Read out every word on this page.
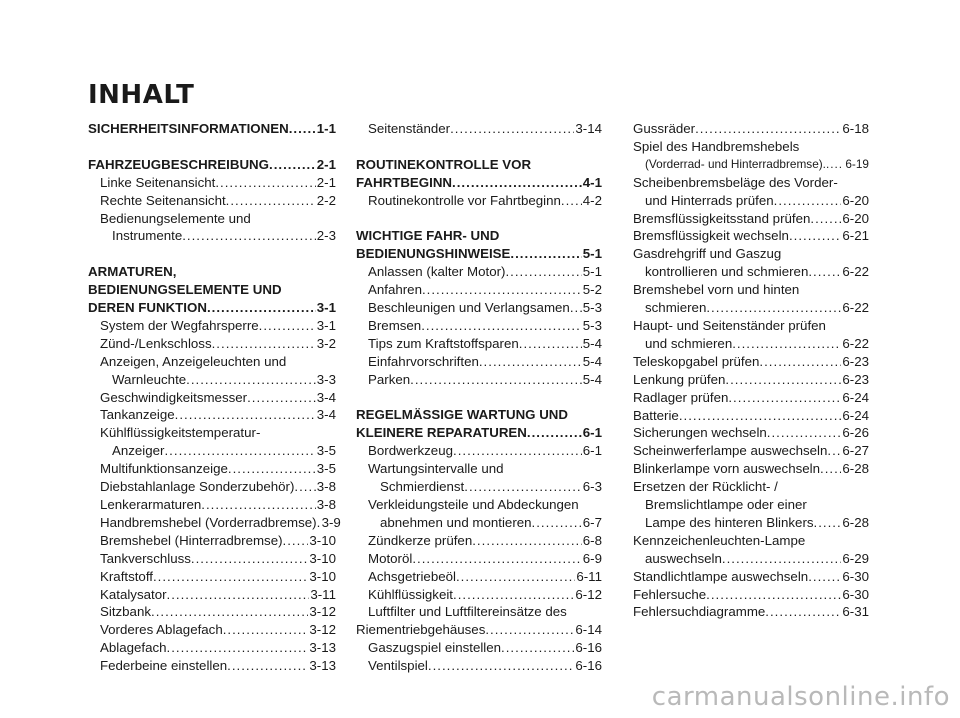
INHALT
SICHERHEITSINFORMATIONEN ..... 1-1
FAHRZEUGBESCHREIBUNG .....	2-1
Linke Seitenansicht .....	2-1
Rechte Seitenansicht .....	2-2
Bedienungselemente und
Instrumente .....	2-3
ARMATUREN,
BEDIENUNGSELEMENTE UND
DEREN FUNKTION .....	3-1
System der Wegfahrsperre .....	3-1
Zünd-/Lenkschloss .....	3-2
Anzeigen, Anzeigeleuchten und
Warnleuchte .....	3-3
Geschwindigkeitsmesser .....	3-4
Tankanzeige .....	3-4
Kühlflüssigkeitstemperatur-
Anzeiger .....	3-5
Multifunktionsanzeige .....	3-5
Diebstahlanlage Sonderzubehör) ..... 3-8
Lenkerarmaturen .....	3-8
Handbremshebel (Vorderradbremse) ..... 3-9
Bremshebel (Hinterradbremse) ..... 3-10
Tankverschluss .....	3-10
Kraftstoff .....	3-10
Katalysator .....	3-11
Sitzbank .....	3-12
Vorderes Ablagefach .....	3-12
Ablagefach .....	3-13
Federbeine einstellen .....	3-13
Seitenständer .....	3-14
ROUTINEKONTROLLE VOR
FAHRTBEGINN .....	4-1
Routinekontrolle vor Fahrtbeginn ..... 4-2
WICHTIGE FAHR- UND
BEDIENUNGSHINWEISE .....	5-1
Anlassen (kalter Motor) .....	5-1
Anfahren .....	5-2
Beschleunigen und Verlangsamen ..... 5-3
Bremsen .....	5-3
Tips zum Kraftstoffsparen .....	5-4
Einfahrvorschriften .....	5-4
Parken .....	5-4
REGELMÄSSIGE WARTUNG UND
KLEINERE REPARATUREN .....	6-1
Bordwerkzeug .....	6-1
Wartungsintervalle und
Schmierdienst .....	6-3
Verkleidungsteile und Abdeckungen
abnehmen und montieren .....	6-7
Zündkerze prüfen .....	6-8
Motoröl .....	6-9
Achsgetriebeöl .....	6-11
Kühlflüssigkeit .....	6-12
Luftfilter und Luftfiltereinsätze des
Riementriebgehäuses .....	6-14
Gaszugspiel einstellen .....	6-16
Ventilspiel .....	6-16
Gussräder .....	6-18
Spiel des Handbremshebels
(Vorderrad- und Hinterradbremse). ..... 6-19
Scheibenbremsbeläge des Vorder-
und Hinterrads prüfen .....	6-20
Bremsflüssigkeitsstand prüfen ..... 6-20
Bremsflüssigkeit wechseln .....	6-21
Gasdrehgriff und Gaszug
kontrollieren und schmieren .....	6-22
Bremshebel vorn und hinten
schmieren .....	6-22
Haupt- und Seitenständer prüfen
und schmieren .....	6-22
Teleskopgabel prüfen .....	6-23
Lenkung prüfen .....	6-23
Radlager prüfen .....	6-24
Batterie .....	6-24
Sicherungen wechseln .....	6-26
Scheinwerferlampe auswechseln ..... 6-27
Blinkerlampe vorn auswechseln ..... 6-28
Ersetzen der Rücklicht- /
Bremslichtlampe oder einer
Lampe des hinteren Blinkers ..... 6-28
Kennzeichenleuchten-Lampe
auswechseln .....	6-29
Standlichtlampe auswechseln .....	6-30
Fehlersuche .....	6-30
Fehlersuchdiagramme .....	6-31
carmanualsonline.info
